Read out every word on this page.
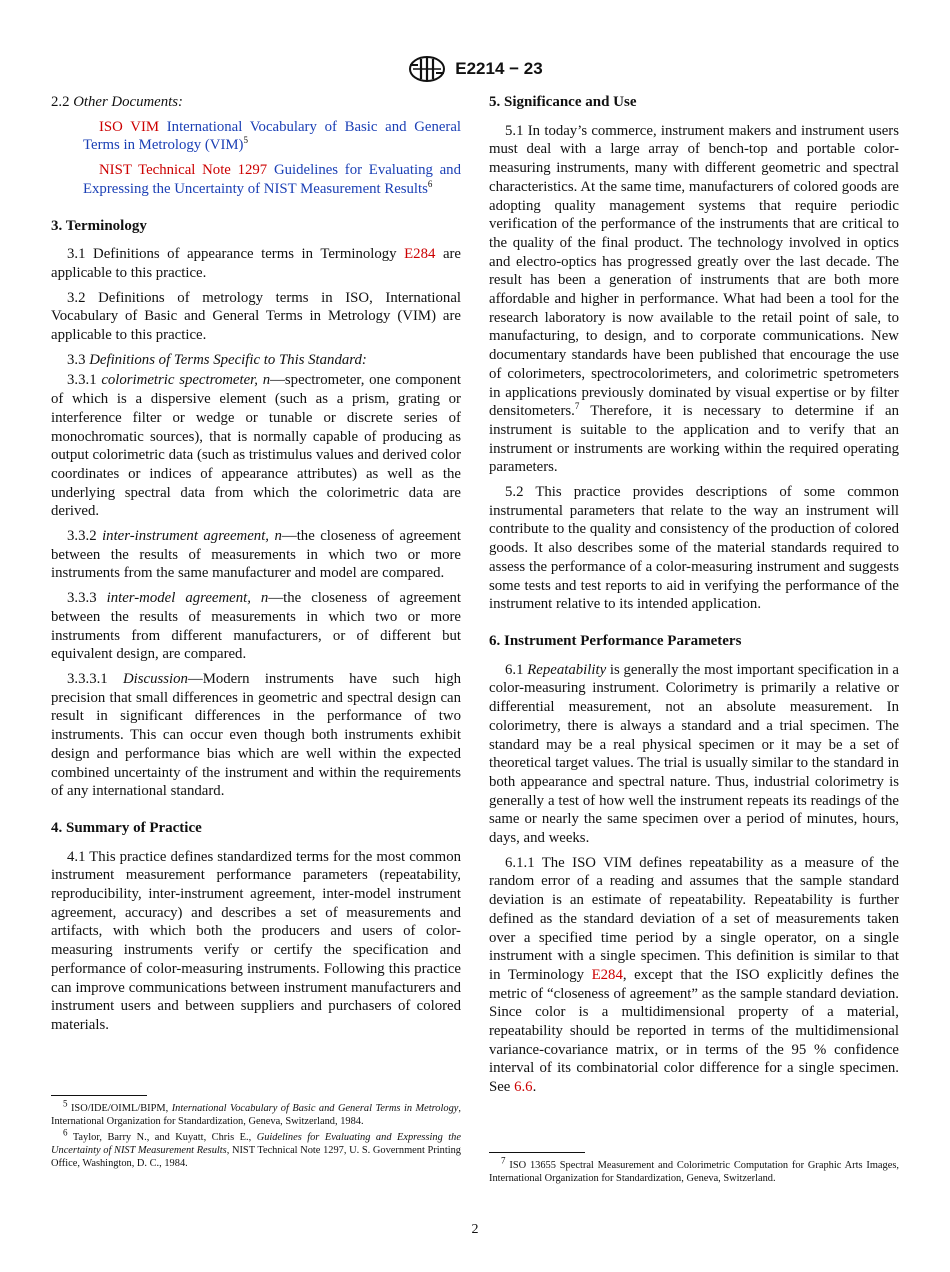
E2214 − 23

2.2 Other Documents:

ISO VIM International Vocabulary of Basic and General Terms in Metrology (VIM)$^5$

NIST Technical Note 1297 Guidelines for Evaluating and Expressing the Uncertainty of NIST Measurement Results$^6$

3. Terminology

3.1 Definitions of appearance terms in Terminology E284 are applicable to this practice.

3.2 Definitions of metrology terms in ISO, International Vocabulary of Basic and General Terms in Metrology (VIM) are applicable to this practice.

3.3 Definitions of Terms Specific to This Standard:

3.3.1 colorimetric spectrometer, n—spectrometer, one component of which is a dispersive element (such as a prism, grating or interference filter or wedge or tunable or discrete series of monochromatic sources), that is normally capable of producing as output colorimetric data (such as tristimulus values and derived color coordinates or indices of appearance attributes) as well as the underlying spectral data from which the colorimetric data are derived.

3.3.2 inter-instrument agreement, n—the closeness of agreement between the results of measurements in which two or more instruments from the same manufacturer and model are compared.

3.3.3 inter-model agreement, n—the closeness of agreement between the results of measurements in which two or more instruments from different manufacturers, or of different but equivalent design, are compared.

3.3.3.1 Discussion—Modern instruments have such high precision that small differences in geometric and spectral design can result in significant differences in the performance of two instruments. This can occur even though both instruments exhibit design and performance bias which are well within the expected combined uncertainty of the instrument and within the requirements of any international standard.

4. Summary of Practice

4.1 This practice defines standardized terms for the most common instrument measurement performance parameters (repeatability, reproducibility, inter-instrument agreement, inter-model instrument agreement, accuracy) and describes a set of measurements and artifacts, with which both the producers and users of color-measuring instruments verify or certify the specification and performance of color-measuring instruments. Following this practice can improve communications between instrument manufacturers and instrument users and between suppliers and purchasers of colored materials.

5. Significance and Use

5.1 In today’s commerce, instrument makers and instrument users must deal with a large array of bench-top and portable color-measuring instruments, many with different geometric and spectral characteristics. At the same time, manufacturers of colored goods are adopting quality management systems that require periodic verification of the performance of the instruments that are critical to the quality of the final product. The technology involved in optics and electro-optics has progressed greatly over the last decade. The result has been a generation of instruments that are both more affordable and higher in performance. What had been a tool for the research laboratory is now available to the retail point of sale, to manufacturing, to design, and to corporate communications. New documentary standards have been published that encourage the use of colorimeters, spectrocolorimeters, and colorimetric spetrometers in applications previously dominated by visual expertise or by filter densitometers.$^7$ Therefore, it is necessary to determine if an instrument is suitable to the application and to verify that an instrument or instruments are working within the required operating parameters.

5.2 This practice provides descriptions of some common instrumental parameters that relate to the way an instrument will contribute to the quality and consistency of the production of colored goods. It also describes some of the material standards required to assess the performance of a color-measuring instrument and suggests some tests and test reports to aid in verifying the performance of the instrument relative to its intended application.

6. Instrument Performance Parameters

6.1 Repeatability is generally the most important specification in a color-measuring instrument. Colorimetry is primarily a relative or differential measurement, not an absolute measurement. In colorimetry, there is always a standard and a trial specimen. The standard may be a real physical specimen or it may be a set of theoretical target values. The trial is usually similar to the standard in both appearance and spectral nature. Thus, industrial colorimetry is generally a test of how well the instrument repeats its readings of the same or nearly the same specimen over a period of minutes, hours, days, and weeks.

6.1.1 The ISO VIM defines repeatability as a measure of the random error of a reading and assumes that the sample standard deviation is an estimate of repeatability. Repeatability is further defined as the standard deviation of a set of measurements taken over a specified time period by a single operator, on a single instrument with a single specimen. This definition is similar to that in Terminology E284, except that the ISO explicitly defines the metric of “closeness of agreement” as the sample standard deviation. Since color is a multidimensional property of a material, repeatability should be reported in terms of the multidimensional variance-covariance matrix, or in terms of the 95 % confidence interval of its combinatorial color difference for a single specimen. See 6.6.

$^5$ ISO/IDE/OIML/BIPM, International Vocabulary of Basic and General Terms in Metrology, International Organization for Standardization, Geneva, Switzerland, 1984.

$^6$ Taylor, Barry N., and Kuyatt, Chris E., Guidelines for Evaluating and Expressing the Uncertainty of NIST Measurement Results, NIST Technical Note 1297, U. S. Government Printing Office, Washington, D. C., 1984.	$^7$ ISO 13655 Spectral Measurement and Colorimetric Computation for Graphic Arts Images, International Organization for Standardization, Geneva, Switzerland.

2
